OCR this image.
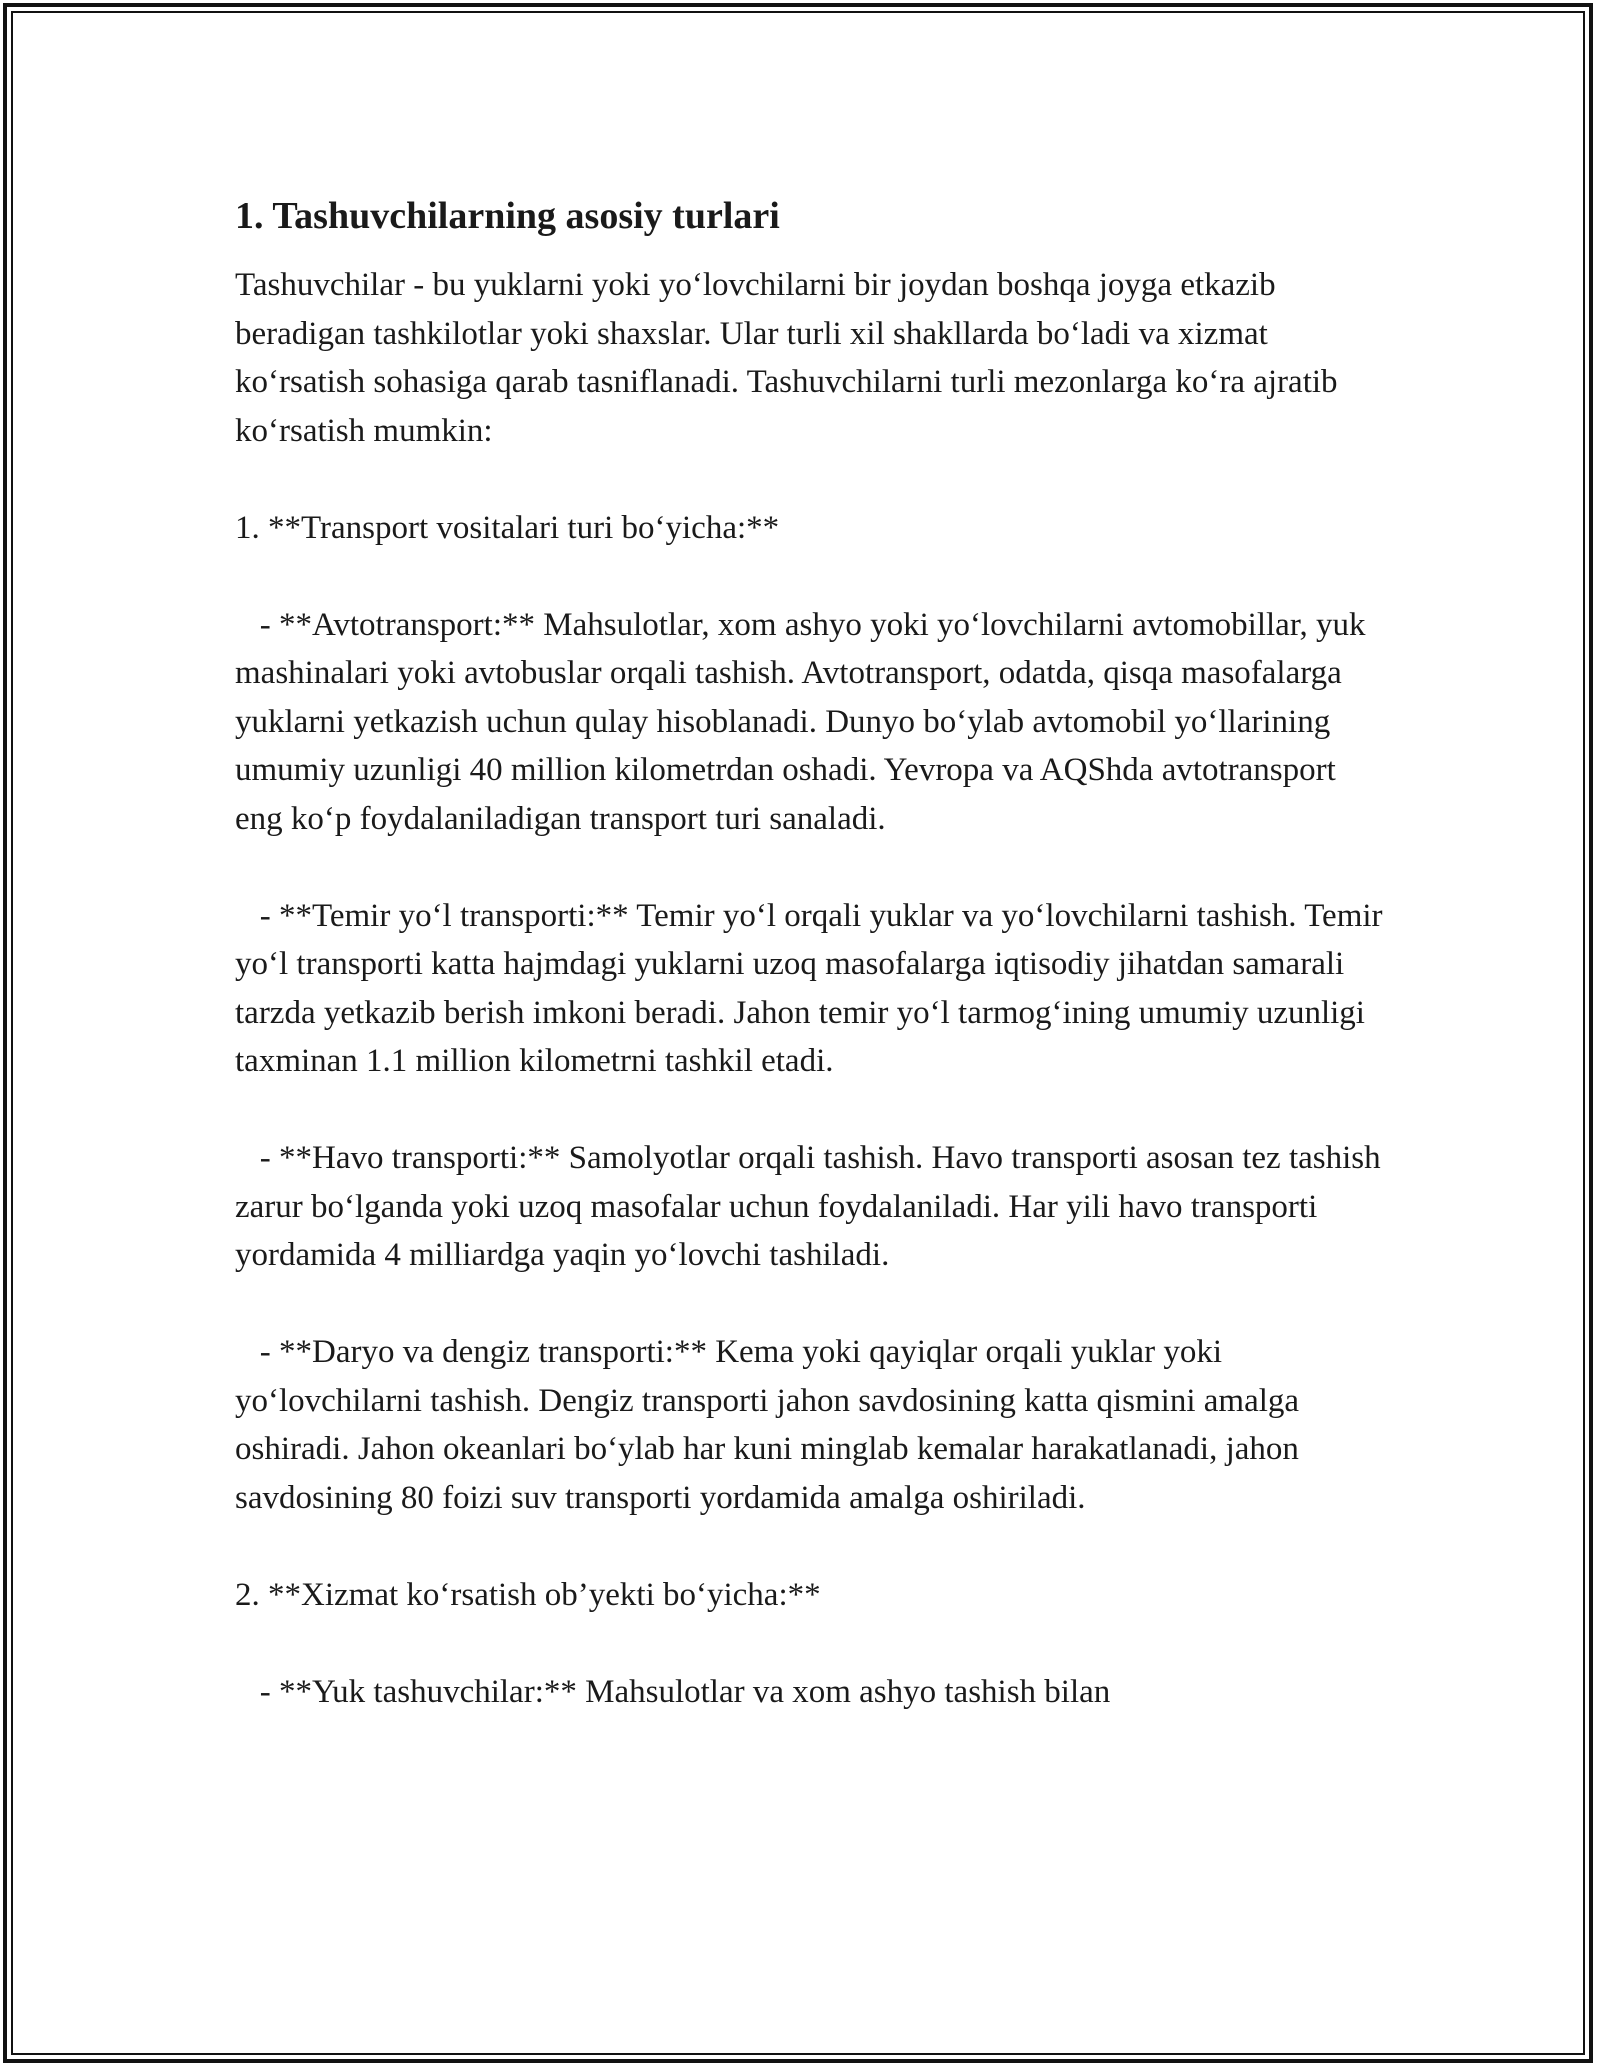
1. Tashuvchilarning asosiy turlari

Tashuvchilar - bu yuklarni yoki yo‘lovchilarni bir joydan boshqa joyga etkazib beradigan tashkilotlar yoki shaxslar. Ular turli xil shakllarda bo‘ladi va xizmat ko‘rsatish sohasiga qarab tasniflanadi. Tashuvchilarni turli mezonlarga ko‘ra ajratib ko‘rsatish mumkin:

1. **Transport vositalari turi bo‘yicha:**

- **Avtotransport:** Mahsulotlar, xom ashyo yoki yo‘lovchilarni avtomobillar, yuk mashinalari yoki avtobuslar orqali tashish. Avtotransport, odatda, qisqa masofalarga yuklarni yetkazish uchun qulay hisoblanadi. Dunyo bo‘ylab avtomobil yo‘llarining umumiy uzunligi 40 million kilometrdan oshadi. Yevropa va AQShda avtotransport eng ko‘p foydalaniladigan transport turi sanaladi.

- **Temir yo‘l transporti:** Temir yo‘l orqali yuklar va yo‘lovchilarni tashish. Temir yo‘l transporti katta hajmdagi yuklarni uzoq masofalarga iqtisodiy jihatdan samarali tarzda yetkazib berish imkoni beradi. Jahon temir yo‘l tarmog‘ining umumiy uzunligi taxminan 1.1 million kilometrni tashkil etadi.

- **Havo transporti:** Samolyotlar orqali tashish. Havo transporti asosan tez tashish zarur bo‘lganda yoki uzoq masofalar uchun foydalaniladi. Har yili havo transporti yordamida 4 milliardga yaqin yo‘lovchi tashiladi.

- **Daryo va dengiz transporti:** Kema yoki qayiqlar orqali yuklar yoki yo‘lovchilarni tashish. Dengiz transporti jahon savdosining katta qismini amalga oshiradi. Jahon okeanlari bo‘ylab har kuni minglab kemalar harakatlanadi, jahon savdosining 80 foizi suv transporti yordamida amalga oshiriladi.

2. **Xizmat ko‘rsatish ob’yekti bo‘yicha:**

- **Yuk tashuvchilar:** Mahsulotlar va xom ashyo tashish bilan
